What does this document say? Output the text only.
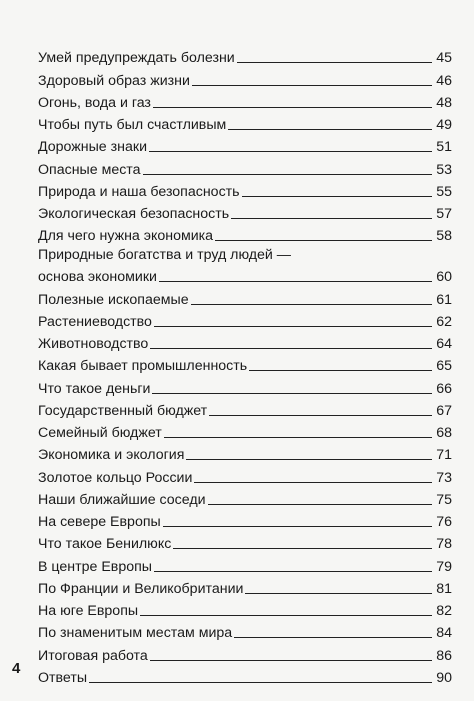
Умей предупреждать болезни	45
Здоровый образ жизни	46
Огонь, вода и газ	48
Чтобы путь был счастливым	49
Дорожные знаки	51
Опасные места	53
Природа и наша безопасность	55
Экологическая безопасность	57
Для чего нужна экономика	58
Природные богатства и труд людей —
основа экономики	60
Полезные ископаемые	61
Растениеводство	62
Животноводство	64
Какая бывает промышленность	65
Что такое деньги	66
Государственный бюджет	67
Семейный бюджет	68
Экономика и экология	71
Золотое кольцо России	73
Наши ближайшие соседи	75
На севере Европы	76
Что такое Бенилюкс	78
В центре Европы	79
По Франции и Великобритании	81
На юге Европы	82
По знаменитым местам мира	84
Итоговая работа	86
Ответы	90
4
